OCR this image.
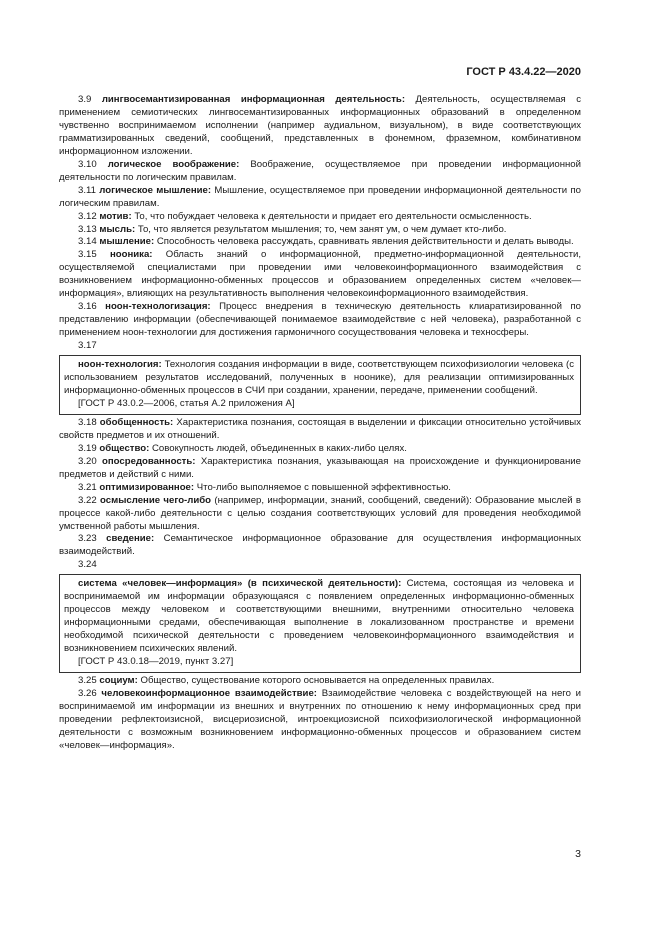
ГОСТ Р 43.4.22—2020

3.9 лингвосемантизированная информационная деятельность: Деятельность, осуществляемая с применением семиотических лингвосемантизированных информационных образований в определенном чувственно воспринимаемом исполнении (например аудиальном, визуальном), в виде соответствующих грамматизированных сведений, сообщений, представленных в фонемном, фраземном, комбинативном информационном изложении.

3.10 логическое воображение: Воображение, осуществляемое при проведении информационной деятельности по логическим правилам.

3.11 логическое мышление: Мышление, осуществляемое при проведении информационной деятельности по логическим правилам.

3.12 мотив: То, что побуждает человека к деятельности и придает его деятельности осмысленность.

3.13 мысль: То, что является результатом мышления; то, чем занят ум, о чем думает кто-либо.

3.14 мышление: Способность человека рассуждать, сравнивать явления действительности и делать выводы.

3.15 нооника: Область знаний о информационной, предметно-информационной деятельности, осуществляемой специалистами при проведении ими человекоинформационного взаимодействия с возникновением информационно-обменных процессов и образованием определенных систем «человек—информация», влияющих на результативность выполнения человекоинформационного взаимодействия.

3.16 ноон-технологизация: Процесс внедрения в техническую деятельность клиаратизированной по представлению информации (обеспечивающей понимаемое взаимодействие с ней человека), разработанной с применением ноон-технологии для достижения гармоничного сосуществования человека и техносферы.

3.17

ноон-технология: Технология создания информации в виде, соответствующем психофизиологии человека (с использованием результатов исследований, полученных в ноонике), для реализации оптимизированных информационно-обменных процессов в СЧИ при создании, хранении, передаче, применении сообщений.

[ГОСТ Р 43.0.2—2006, статья А.2 приложения А]

3.18 обобщенность: Характеристика познания, состоящая в выделении и фиксации относительно устойчивых свойств предметов и их отношений.

3.19 общество: Совокупность людей, объединенных в каких-либо целях.

3.20 опосредованность: Характеристика познания, указывающая на происхождение и функционирование предметов и действий с ними.

3.21 оптимизированное: Что-либо выполняемое с повышенной эффективностью.

3.22 осмысление чего-либо (например, информации, знаний, сообщений, сведений): Образование мыслей в процессе какой-либо деятельности с целью создания соответствующих условий для проведения необходимой умственной работы мышления.

3.23 сведение: Семантическое информационное образование для осуществления информационных взаимодействий.

3.24

система «человек—информация» (в психической деятельности): Система, состоящая из человека и воспринимаемой им информации образующаяся с появлением определенных информационно-обменных процессов между человеком и соответствующими внешними, внутренними относительно человека информационными средами, обеспечивающая выполнение в локализованном пространстве и времени необходимой психической деятельности с проведением человекоинформационного взаимодействия и возникновением психических явлений.

[ГОСТ Р 43.0.18—2019, пункт 3.27]

3.25 социум: Общество, существование которого основывается на определенных правилах.

3.26 человекоинформационное взаимодействие: Взаимодействие человека с воздействующей на него и воспринимаемой им информации из внешних и внутренних по отношению к нему информационных сред при проведении рефлектоизисной, висцериозисной, интроекциозисной психофизиологической информационной деятельности с возможным возникновением информационно-обменных процессов и образованием систем «человек—информация».

3
